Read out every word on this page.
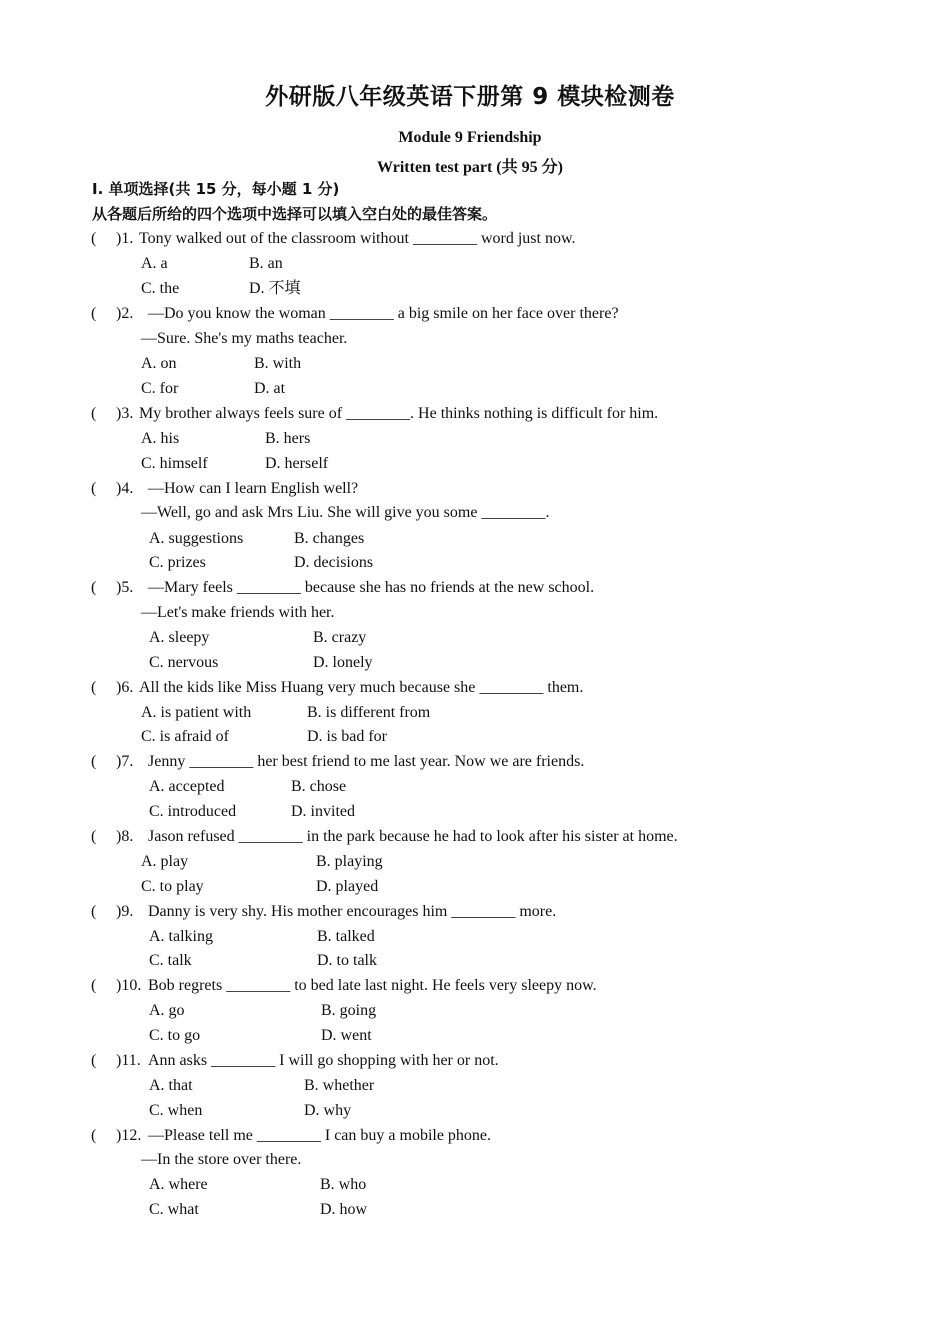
外研版八年级英语下册第 9 模块检测卷
Module 9 Friendship
Written test part (共 95 分)
Ⅰ. 单项选择(共 15 分，每小题 1 分)
从各题后所给的四个选项中选择可以填入空白处的最佳答案。
( )1. Tony walked out of the classroom without ________ word just now.
A. a	B. an
C. the	D. 不填
( )2. —Do you know the woman ________ a big smile on her face over there?
—Sure. She's my maths teacher.
A. on	B. with
C. for	D. at
( )3. My brother always feels sure of ________. He thinks nothing is difficult for him.
A. his	B. hers
C. himself	D. herself
( )4. —How can I learn English well?
—Well, go and ask Mrs Liu. She will give you some ________.
A. suggestions	B. changes
C. prizes	D. decisions
( )5. —Mary feels ________ because she has no friends at the new school.
—Let's make friends with her.
A. sleepy	B. crazy
C. nervous	D. lonely
( )6. All the kids like Miss Huang very much because she ________ them.
A. is patient with	B. is different from
C. is afraid of	D. is bad for
( )7. Jenny ________ her best friend to me last year. Now we are friends.
A. accepted	B. chose
C. introduced	D. invited
( )8. Jason refused ________ in the park because he had to look after his sister at home.
A. play	B. playing
C. to play	D. played
( )9. Danny is very shy. His mother encourages him ________ more.
A. talking	B. talked
C. talk	D. to talk
( )10. Bob regrets ________ to bed late last night. He feels very sleepy now.
A. go	B. going
C. to go	D. went
( )11. Ann asks ________ I will go shopping with her or not.
A. that	B. whether
C. when	D. why
( )12. —Please tell me ________ I can buy a mobile phone.
—In the store over there.
A. where	B. who
C. what	D. how
